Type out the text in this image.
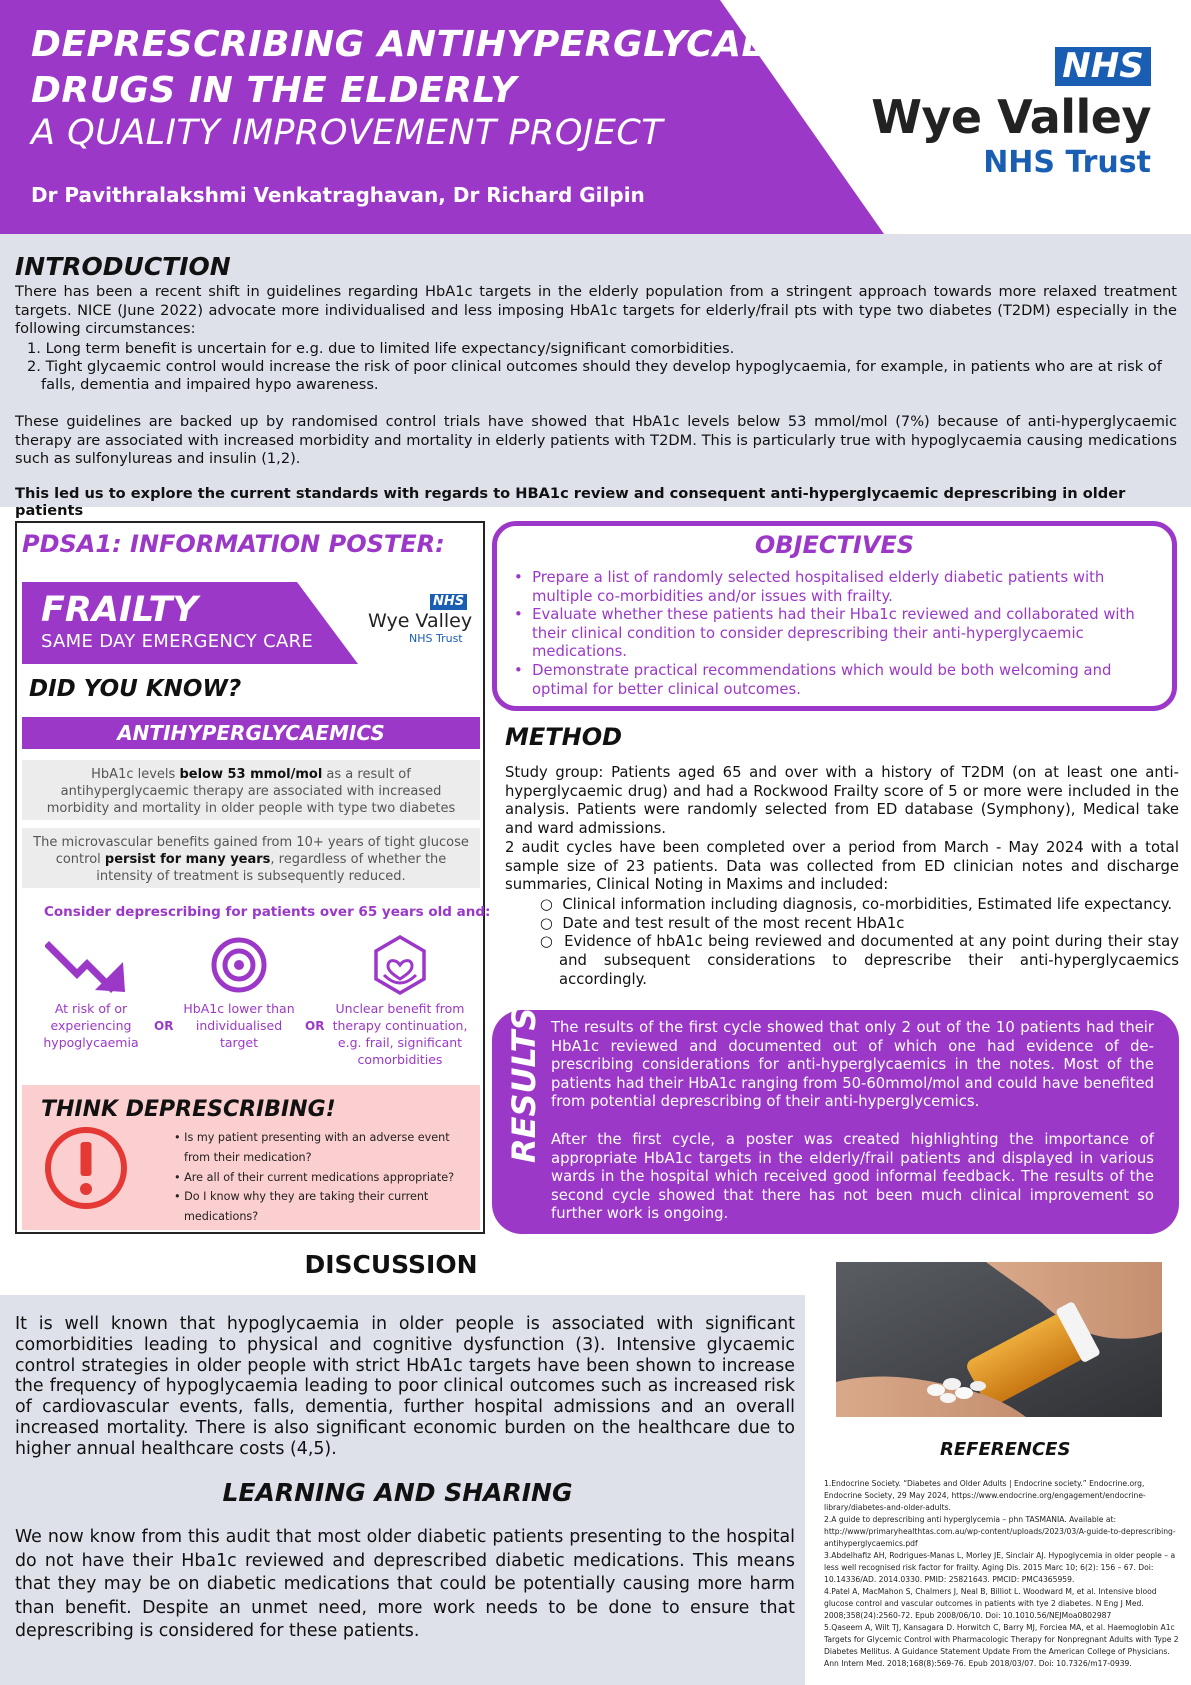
DEPRESCRIBING ANTIHYPERGLYCAEMIC
DRUGS IN THE ELDERLY
A QUALITY IMPROVEMENT PROJECT
Dr Pavithralakshmi Venkatraghavan, Dr Richard Gilpin
NHS
Wye Valley
NHS Trust
INTRODUCTION
There has been a recent shift in guidelines regarding HbA1c targets in the elderly population from a stringent approach towards more relaxed treatment targets. NICE (June 2022) advocate more individualised and less imposing HbA1c targets for elderly/frail pts with type two diabetes (T2DM) especially in the following circumstances:
1. Long term benefit is uncertain for e.g. due to limited life expectancy/significant comorbidities.
2. Tight glycaemic control would increase the risk of poor clinical outcomes should they develop hypoglycaemia, for example, in patients who are at risk of falls, dementia and impaired hypo awareness.
These guidelines are backed up by randomised control trials have showed that HbA1c levels below 53 mmol/mol (7%) because of anti-hyperglycaemic therapy are associated with increased morbidity and mortality in elderly patients with T2DM. This is particularly true with hypoglycaemia causing medications such as sulfonylureas and insulin (1,2).
This led us to explore the current standards with regards to HBA1c review and consequent anti-hyperglycaemic deprescribing in older patients
PDSA1: INFORMATION POSTER:
FRAILTY
SAME DAY EMERGENCY CARE
NHS
Wye Valley
NHS Trust
DID YOU KNOW?
ANTIHYPERGLYCAEMICS
HbA1c levels below 53 mmol/mol as a result of antihyperglycaemic therapy are associated with increased morbidity and mortality in older people with type two diabetes
The microvascular benefits gained from 10+ years of tight glucose control persist for many years, regardless of whether the intensity of treatment is subsequently reduced.
Consider deprescribing for patients over 65 years old and:
At risk of or experiencing hypoglycaemia
OR
HbA1c lower than individualised target
OR
Unclear benefit from therapy continuation, e.g. frail, significant comorbidities
THINK DEPRESCRIBING!
• Is my patient presenting with an adverse event from their medication?
• Are all of their current medications appropriate?
• Do I know why they are taking their current medications?
OBJECTIVES
•  Prepare a list of randomly selected hospitalised elderly diabetic patients with multiple co-morbidities and/or issues with frailty.
•  Evaluate whether these patients had their Hba1c reviewed and collaborated with their clinical condition to consider deprescribing their anti-hyperglycaemic medications.
•  Demonstrate practical recommendations which would be both welcoming and optimal for better clinical outcomes.
METHOD
Study group: Patients aged 65 and over with a history of T2DM (on at least one anti-hyperglycaemic drug) and had a Rockwood Frailty score of 5 or more were included in the analysis. Patients were randomly selected from ED database (Symphony), Medical take and ward admissions.
2 audit cycles have been completed over a period from March - May 2024 with a total sample size of 23 patients. Data was collected from ED clinician notes and discharge summaries, Clinical Noting in Maxims and included:
○  Clinical information including diagnosis, co-morbidities, Estimated life expectancy.
○  Date and test result of the most recent HbA1c
○  Evidence of hbA1c being reviewed and documented at any point during their stay and subsequent considerations to deprescribe their anti-hyperglycaemics accordingly.
The results of the first cycle showed that only 2 out of the 10 patients had their HbA1c reviewed and documented out of which one had evidence of de-prescribing considerations for anti-hyperglycaemics in the notes. Most of the patients had their HbA1c ranging from 50-60mmol/mol and could have benefited from potential deprescribing of their anti-hyperglycemics.
After the first cycle, a poster was created highlighting the importance of appropriate HbA1c targets in the elderly/frail patients and displayed in various wards in the hospital which received good informal feedback. The results of the second cycle showed that there has not been much clinical improvement so further work is ongoing.
DISCUSSION
It is well known that hypoglycaemia in older people is associated with significant comorbidities leading to physical and cognitive dysfunction (3). Intensive glycaemic control strategies in older people with strict HbA1c targets have been shown to increase the frequency of hypoglycaemia leading to poor clinical outcomes such as increased risk of cardiovascular events, falls, dementia, further hospital admissions and an overall increased mortality. There is also significant economic burden on the healthcare due to higher annual healthcare costs (4,5).
LEARNING AND SHARING
We now know from this audit that most older diabetic patients presenting to the hospital do not have their Hba1c reviewed and deprescribed diabetic medications. This means that they may be on diabetic medications that could be potentially causing more harm than benefit. Despite an unmet need, more work needs to be done to ensure that deprescribing is considered for these patients.
REFERENCES

1.Endocrine Society. “Diabetes and Older Adults | Endocrine society.” Endocrine.org, Endocrine Society, 29 May 2024, https://www.endocrine.org/engagement/endocrine-library/diabetes-and-older-adults.

2.A guide to deprescribing anti hyperglycemia – phn TASMANIA. Available at: http://www/primaryhealthtas.com.au/wp-content/uploads/2023/03/A-guide-to-deprescribing-antihyperglycaemics.pdf

3.Abdelhafiz AH, Rodrigues-Manas L, Morley JE, Sinclair AJ. Hypoglycemia in older people – a less well recognised risk factor for frailty. Aging Dis. 2015 Marc 10; 6(2): 156 – 67. Doi: 10.14336/AD. 2014.0330. PMID: 25821643. PMCID: PMC4365959.

4.Patel A, MacMahon S, Chalmers J, Neal B, Billiot L. Woodward M, et al. Intensive blood glucose control and vascular outcomes in patients with tye 2 diabetes. N Eng J Med. 2008;358(24):2560-72. Epub 2008/06/10. Doi: 10.1010.56/NEJMoa0802987

5.Qaseem A, Wilt TJ, Kansagara D. Horwitch C, Barry MJ, Forciea MA, et al. Haemoglobin A1c Targets for Glycemic Control with Pharmacologic Therapy for Nonpregnant Adults with Type 2 Diabetes Mellitus. A Guidance Statement Update From the American College of Physicians. Ann Intern Med. 2018;168(8):569-76. Epub 2018/03/07. Doi: 10.7326/m17-0939.
